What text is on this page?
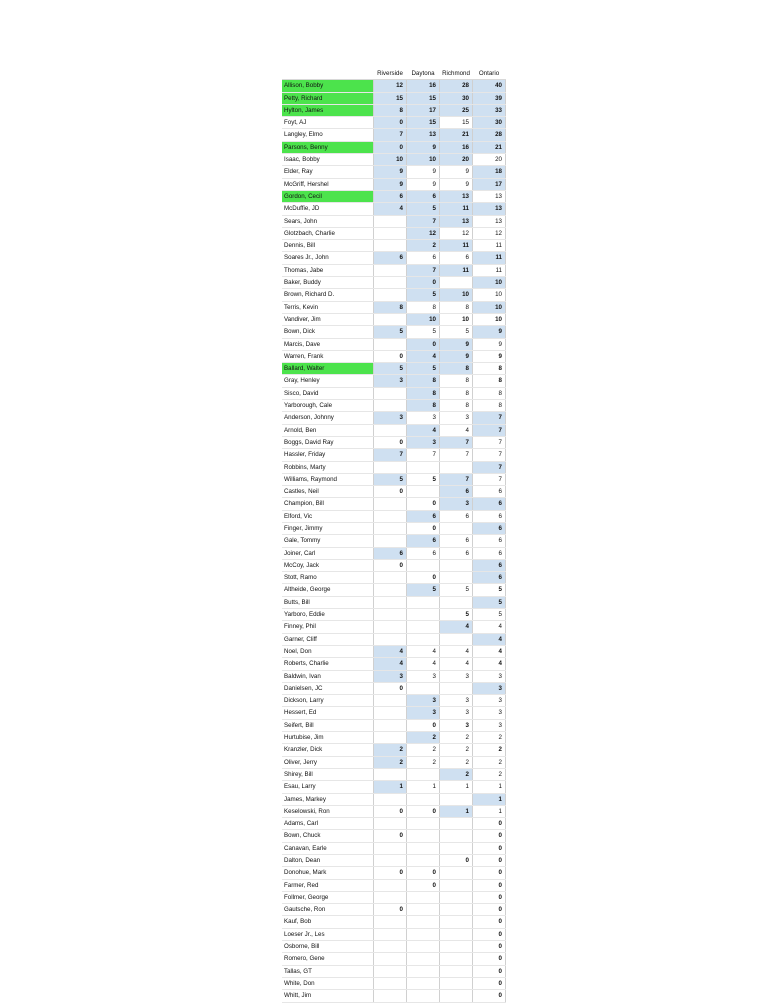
	Riverside	Daytona	Richmond	Ontario
Allison, Bobby	12	16	28	40
Petty, Richard	15	15	30	39
Hylton, James	8	17	25	33
Foyt, AJ	0	15	15	30
Langley, Elmo	7	13	21	28
Parsons, Benny	0	9	16	21
Isaac, Bobby	10	10	20	20
Elder, Ray	9	9	9	18
McGriff, Hershel	9	9	9	17
Gordon, Cecil	6	6	13	13
McDuffie, JD	4	5	11	13
Sears, John		7	13	13
Glotzbach, Charlie		12	12	12
Dennis, Bill		2	11	11
Soares Jr., John	6	6	6	11
Thomas, Jabe		7	11	11
Baker, Buddy		0		10
Brown, Richard D.		5	10	10
Terris, Kevin	8	8	8	10
Vandiver, Jim		10	10	10
Bown, Dick	5	5	5	9
Marcis, Dave		0	9	9
Warren, Frank	0	4	9	9
Ballard, Walter	5	5	8	8
Gray, Henley	3	8	8	8
Sisco, David		8	8	8
Yarborough, Cale		8	8	8
Anderson, Johnny	3	3	3	7
Arnold, Ben		4	4	7
Boggs, David Ray	0	3	7	7
Hassler, Friday	7	7	7	7
Robbins, Marty				7
Williams, Raymond	5	5	7	7
Castles, Neil	0		6	6
Champion, Bill		0	3	6
Elford, Vic		6	6	6
Finger, Jimmy		0		6
Gale, Tommy		6	6	6
Joiner, Carl	6	6	6	6
McCoy, Jack	0			6
Stott, Ramo		0		6
Altheide, George		5	5	5
Butts, Bill				5
Yarboro, Eddie			5	5
Finney, Phil			4	4
Garner, Cliff				4
Noel, Don	4	4	4	4
Roberts, Charlie	4	4	4	4
Baldwin, Ivan	3	3	3	3
Danielsen, JC	0			3
Dickson, Larry		3	3	3
Hessert, Ed		3	3	3
Seifert, Bill		0	3	3
Hurtubise, Jim		2	2	2
Kranzler, Dick	2	2	2	2
Oliver, Jerry	2	2	2	2
Shirey, Bill			2	2
Esau, Larry	1	1	1	1
James, Markey				1
Keselowski, Ron	0	0	1	1
Adams, Carl				0
Bown, Chuck	0			0
Canavan, Earle				0
Dalton, Dean			0	0
Donohue, Mark	0	0		0
Farmer, Red		0		0
Follmer, George				0
Gautsche, Ron	0			0
Kauf, Bob				0
Loeser Jr., Les				0
Osborne, Bill				0
Romero, Gene				0
Tallas, GT				0
White, Don				0
Whitt, Jim				0
